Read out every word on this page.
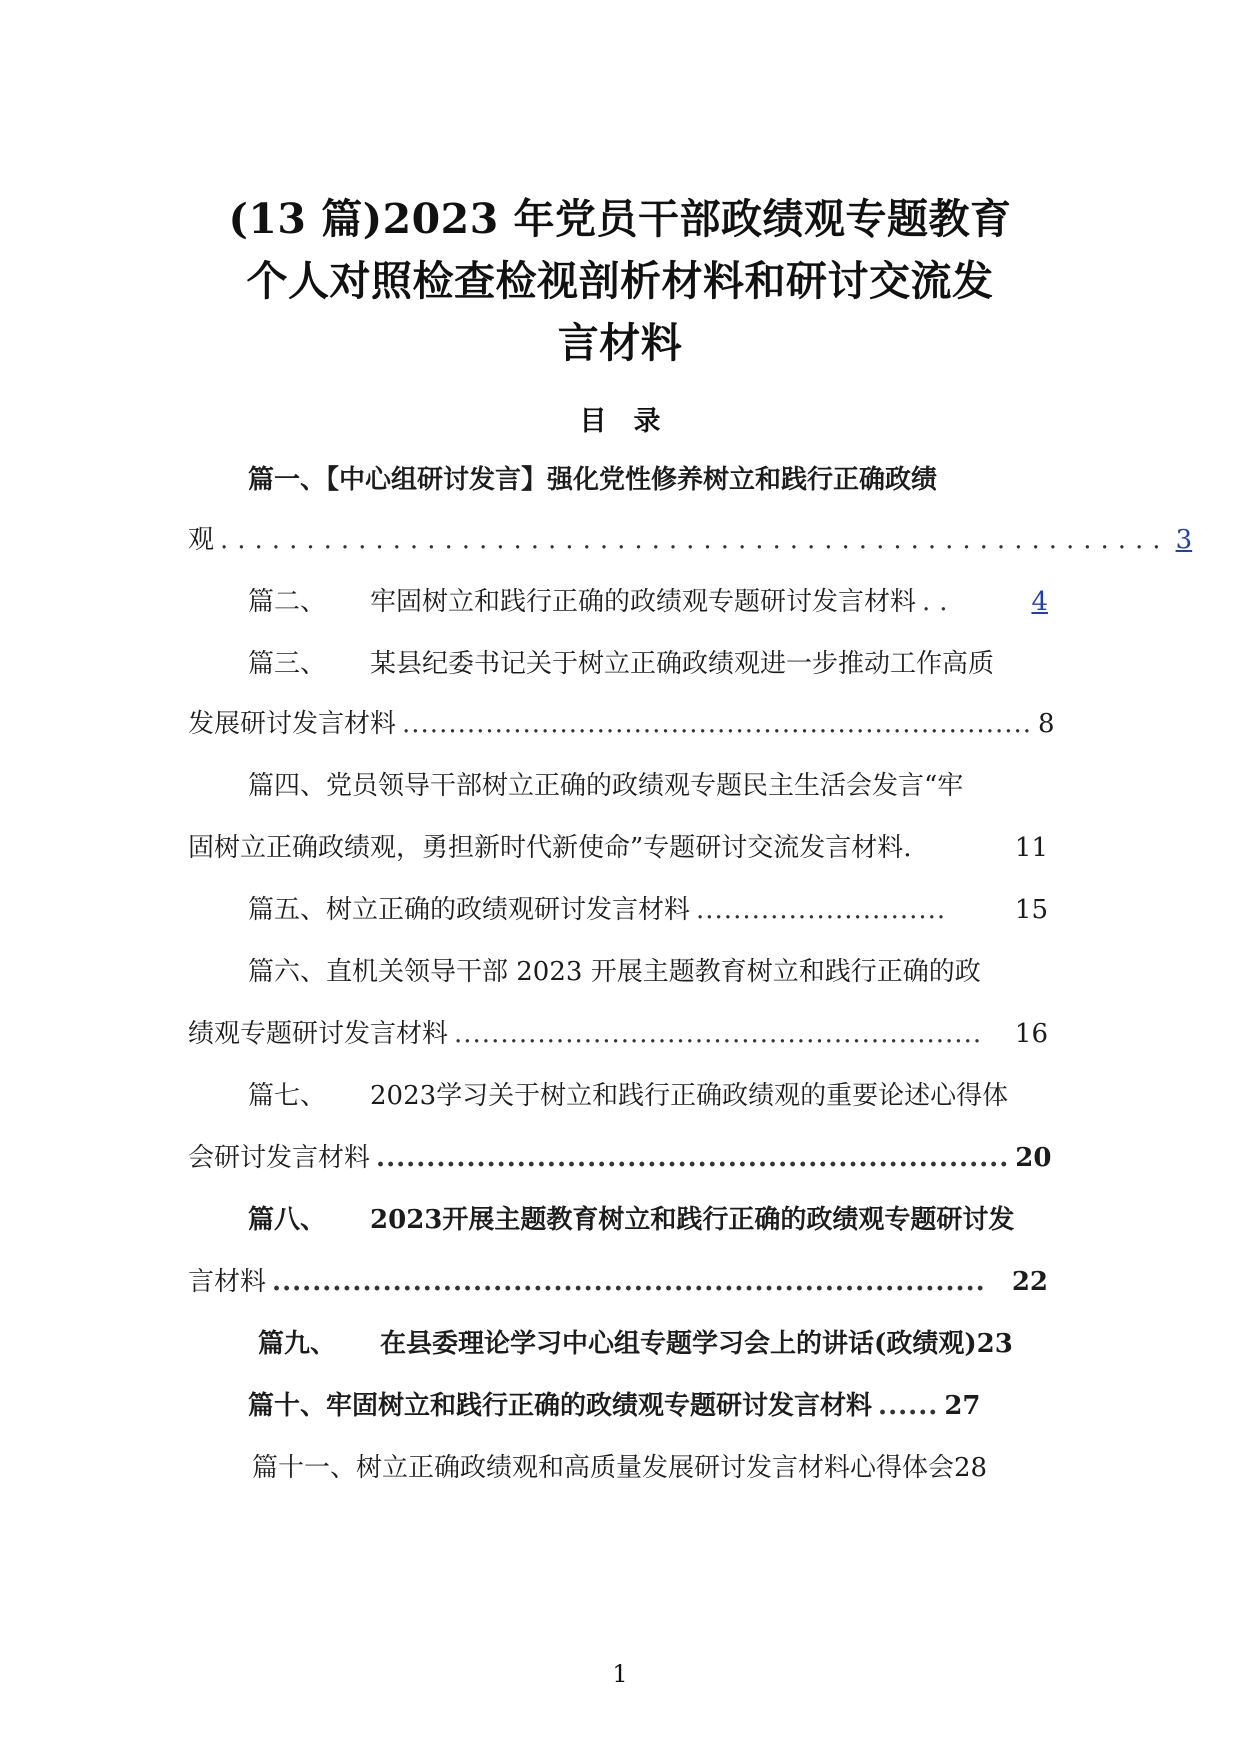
(13 篇)2023 年党员干部政绩观专题教育
个人对照检查检视剖析材料和研讨交流发
言材料
目　录
篇一、【中心组研讨发言】强化党性修养树立和践行正确政绩
观 ....................................................... 3
篇二、 牢固树立和践行正确的政绩观专题研讨发言材料 ..	4
篇三、 某县纪委书记关于树立正确政绩观进一步推动工作高质
发展研讨发言材料 .................................................................... 8
篇四、党员领导干部树立正确的政绩观专题民主生活会发言“牢
固树立正确政绩观，勇担新时代新使命”专题研讨交流发言材料.	11
篇五、树立正确的政绩观研讨发言材料 ...........................	15
篇六、直机关领导干部 2023 开展主题教育树立和践行正确的政
绩观专题研讨发言材料 .........................................................	16
篇七、 2023学习关于树立和践行正确政绩观的重要论述心得体
会研讨发言材料 ............................................................... 20
篇八、 2023开展主题教育树立和践行正确的政绩观专题研讨发
言材料 .......................................................................	22
篇九、 在县委理论学习中心组专题学习会上的讲话(政绩观) 23
篇十、牢固树立和践行正确的政绩观专题研讨发言材料 ...... 27
篇十一、树立正确政绩观和高质量发展研讨发言材料心得体会 28
1
